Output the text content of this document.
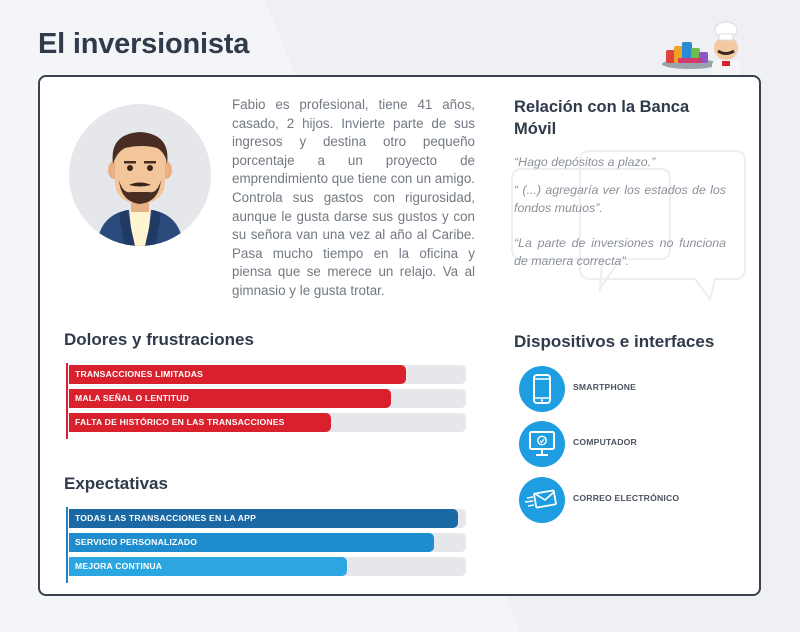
El inversionista

Fabio es profesional, tiene 41 años, casado, 2 hijos. Invierte parte de sus ingresos y destina otro pequeño porcentaje a un proyecto de emprendimiento que tiene con un amigo. Controla sus gastos con rigurosidad, aunque le gusta darse sus gustos y con su señora van una vez al año al Caribe. Pasa mucho tiempo en la oficina y piensa que se merece un relajo. Va al gimnasio y le gusta trotar.

Relación con la Banca Móvil

“Hago depósitos a plazo.”

“ (...) agregaría ver los estados de los fondos mutuos”.

“La parte de inversiones no funciona de manera correcta”.

Dolores y frustraciones
TRANSACCIONES LIMITADAS
MALA SEÑAL O LENTITUD
FALTA DE HISTÓRICO EN LAS TRANSACCIONES
Expectativas
TODAS LAS TRANSACCIONES EN LA APP
SERVICIO PERSONALIZADO
MEJORA CONTINUA
Dispositivos e interfaces
SMARTPHONE
COMPUTADOR
CORREO ELECTRÓNICO
